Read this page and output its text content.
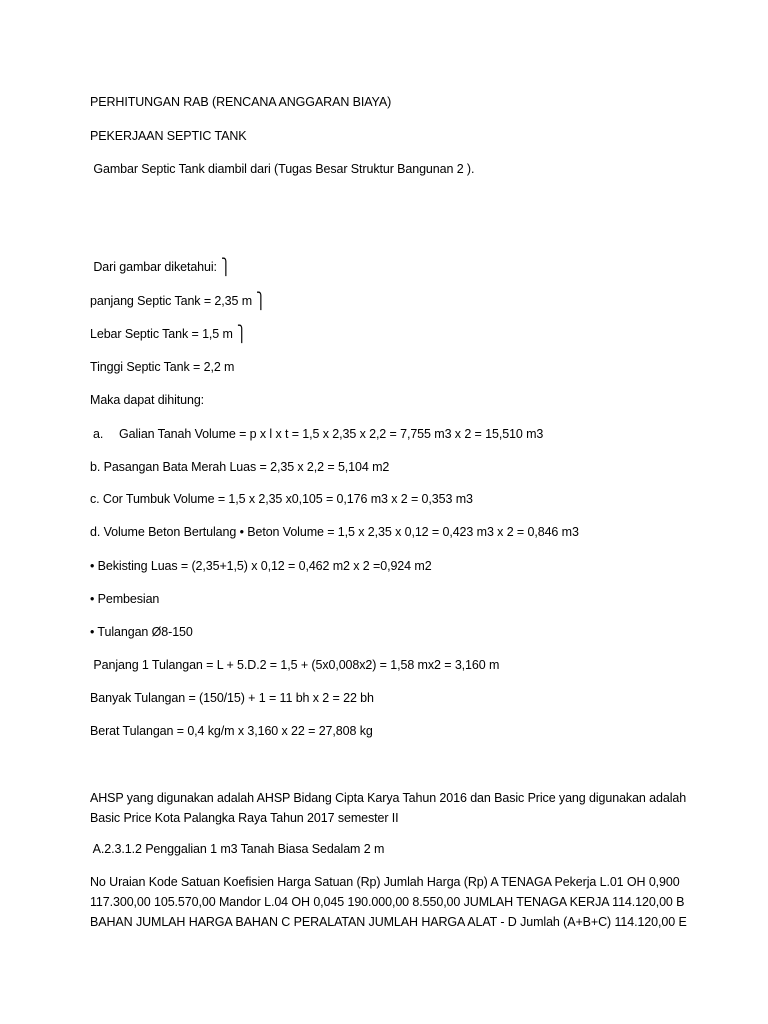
PERHITUNGAN RAB (RENCANA ANGGARAN BIAYA)
PEKERJAAN SEPTIC TANK
Gambar Septic Tank diambil dari (Tugas Besar Struktur Bangunan 2 ).
Dari gambar diketahui: ⎫
panjang Septic Tank = 2,35 m ⎫
Lebar Septic Tank = 1,5 m ⎫
Tinggi Septic Tank = 2,2 m
Maka dapat dihitung:
a. Galian Tanah Volume = p x l x t = 1,5 x 2,35 x 2,2 = 7,755 m3 x 2 = 15,510 m3
b. Pasangan Bata Merah Luas = 2,35 x 2,2 = 5,104 m2
c. Cor Tumbuk Volume = 1,5 x 2,35 x0,105 = 0,176 m3 x 2 = 0,353 m3
d. Volume Beton Bertulang • Beton Volume = 1,5 x 2,35 x 0,12 = 0,423 m3 x 2 = 0,846 m3
• Bekisting Luas = (2,35+1,5) x 0,12 = 0,462 m2 x 2 =0,924 m2
• Pembesian
• Tulangan Ø8-150
Panjang 1 Tulangan = L + 5.D.2 = 1,5 + (5x0,008x2) = 1,58 mx2 = 3,160 m
Banyak Tulangan = (150/15) + 1 = 11 bh x 2 = 22 bh
Berat Tulangan = 0,4 kg/m x 3,160 x 22 = 27,808 kg
AHSP yang digunakan adalah AHSP Bidang Cipta Karya Tahun 2016 dan Basic Price yang digunakan adalah Basic Price Kota Palangka Raya Tahun 2017 semester II
A.2.3.1.2 Penggalian 1 m3 Tanah Biasa Sedalam 2 m
No Uraian Kode Satuan Koefisien Harga Satuan (Rp) Jumlah Harga (Rp) A TENAGA Pekerja L.01 OH 0,900 117.300,00 105.570,00 Mandor L.04 OH 0,045 190.000,00 8.550,00 JUMLAH TENAGA KERJA 114.120,00 B BAHAN JUMLAH HARGA BAHAN C PERALATAN JUMLAH HARGA ALAT - D Jumlah (A+B+C) 114.120,00 E
